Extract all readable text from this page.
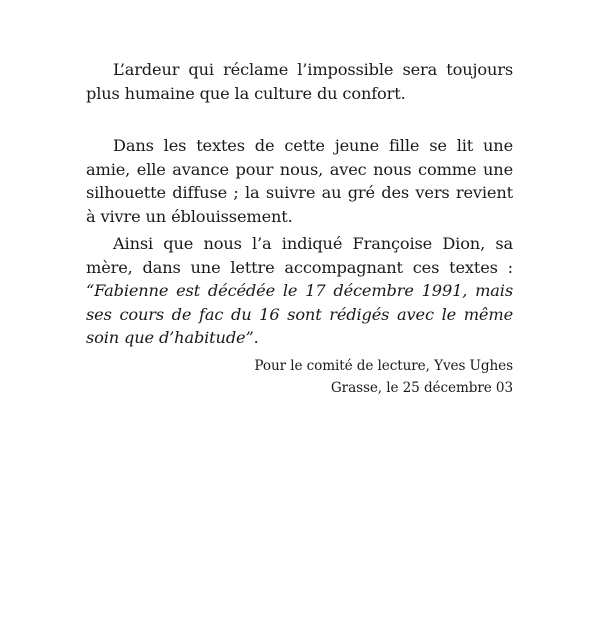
L’ardeur qui réclame l’impossible sera toujours plus humaine que la culture du confort.

Dans les textes de cette jeune fille se lit une amie, elle avance pour nous, avec nous comme une silhouette diffuse ; la suivre au gré des vers revient à vivre un éblouissement.

Ainsi que nous l’a indiqué Françoise Dion, sa mère, dans une lettre accompagnant ces textes : “Fabienne est décédée le 17 décembre 1991, mais ses cours de fac du 16 sont rédigés avec le même soin que d’habitude”.

Pour le comité de lecture, Yves Ughes
Grasse, le 25 décembre 03
